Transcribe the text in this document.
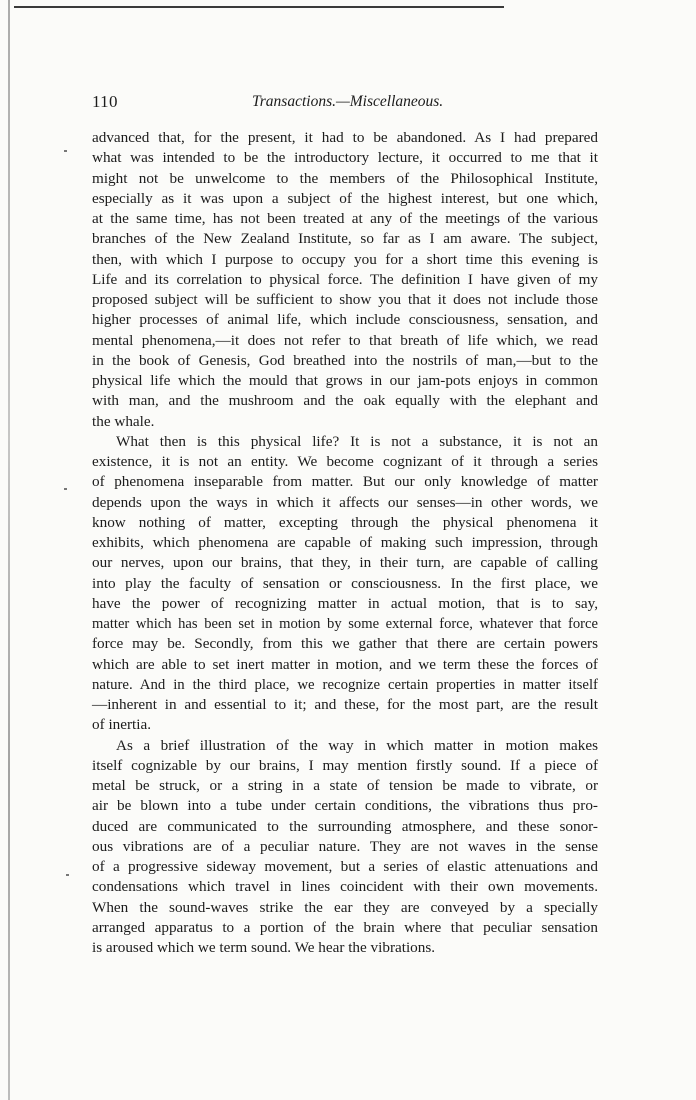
110	Transactions.—Miscellaneous.
advanced that, for the present, it had to be abandoned. As I had prepared
what was intended to be the introductory lecture, it occurred to me that it
might not be unwelcome to the members of the Philosophical Institute,
especially as it was upon a subject of the highest interest, but one which,
at the same time, has not been treated at any of the meetings of the various
branches of the New Zealand Institute, so far as I am aware. The subject,
then, with which I purpose to occupy you for a short time this evening is
Life and its correlation to physical force. The definition I have given of my
proposed subject will be sufficient to show you that it does not include those
higher processes of animal life, which include consciousness, sensation, and
mental phenomena,—it does not refer to that breath of life which, we read
in the book of Genesis, God breathed into the nostrils of man,—but to the
physical life which the mould that grows in our jam-pots enjoys in common
with man, and the mushroom and the oak equally with the elephant and
the whale.
What then is this physical life? It is not a substance, it is not an
existence, it is not an entity. We become cognizant of it through a series
of phenomena inseparable from matter. But our only knowledge of matter
depends upon the ways in which it affects our senses—in other words, we
know nothing of matter, excepting through the physical phenomena it
exhibits, which phenomena are capable of making such impression, through
our nerves, upon our brains, that they, in their turn, are capable of calling
into play the faculty of sensation or consciousness. In the first place, we
have the power of recognizing matter in actual motion, that is to say,
matter which has been set in motion by some external force, whatever that force
force may be. Secondly, from this we gather that there are certain powers
which are able to set inert matter in motion, and we term these the forces of
nature. And in the third place, we recognize certain properties in matter itself
—inherent in and essential to it; and these, for the most part, are the result
of inertia.
As a brief illustration of the way in which matter in motion makes
itself cognizable by our brains, I may mention firstly sound. If a piece of
metal be struck, or a string in a state of tension be made to vibrate, or
air be blown into a tube under certain conditions, the vibrations thus pro-
duced are communicated to the surrounding atmosphere, and these sonor-
ous vibrations are of a peculiar nature. They are not waves in the sense
of a progressive sideway movement, but a series of elastic attenuations and
condensations which travel in lines coincident with their own movements.
When the sound-waves strike the ear they are conveyed by a specially
arranged apparatus to a portion of the brain where that peculiar sensation
is aroused which we term sound. We hear the vibrations.
